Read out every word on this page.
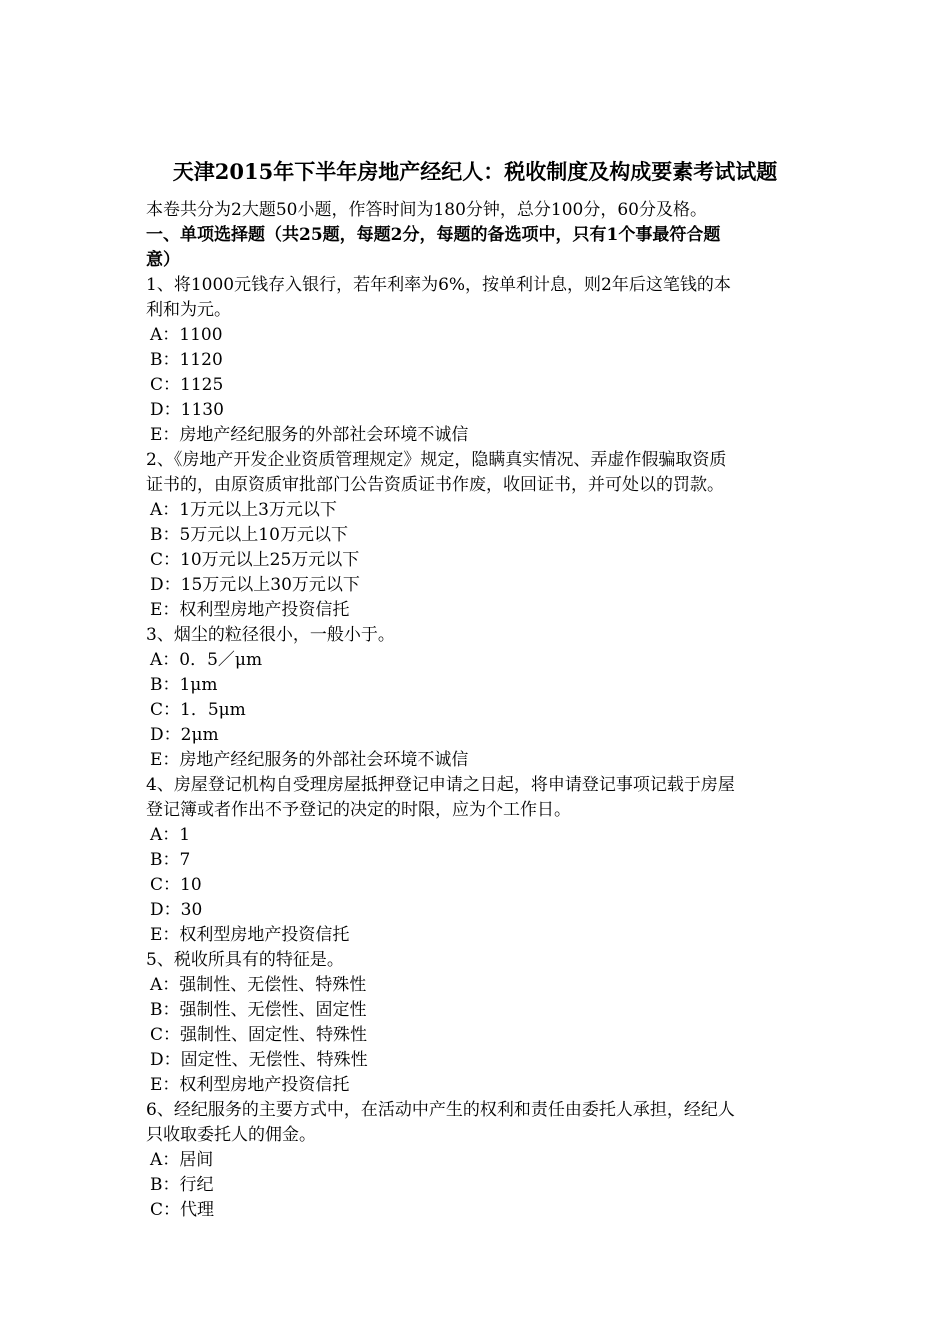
天津2015年下半年房地产经纪人：税收制度及构成要素考试试题
本卷共分为2大题50小题，作答时间为180分钟，总分100分，60分及格。
一、单项选择题（共25题，每题2分，每题的备选项中，只有1个事最符合题
意）
1、将1000元钱存入银行，若年利率为6%，按单利计息，则2年后这笔钱的本
利和为元。
A：1100
B：1120
C：1125
D：1130
E：房地产经纪服务的外部社会环境不诚信
2、《房地产开发企业资质管理规定》规定，隐瞒真实情况、弄虚作假骗取资质
证书的，由原资质审批部门公告资质证书作废，收回证书，并可处以的罚款。
A：1万元以上3万元以下
B：5万元以上10万元以下
C：10万元以上25万元以下
D：15万元以上30万元以下
E：权利型房地产投资信托
3、烟尘的粒径很小，一般小于。
A：0．5／μm
B：1μm
C：1．5μm
D：2μm
E：房地产经纪服务的外部社会环境不诚信
4、房屋登记机构自受理房屋抵押登记申请之日起，将申请登记事项记载于房屋
登记簿或者作出不予登记的决定的时限，应为个工作日。
A：1
B：7
C：10
D：30
E：权利型房地产投资信托
5、税收所具有的特征是。
A：强制性、无偿性、特殊性
B：强制性、无偿性、固定性
C：强制性、固定性、特殊性
D：固定性、无偿性、特殊性
E：权利型房地产投资信托
6、经纪服务的主要方式中，在活动中产生的权利和责任由委托人承担，经纪人
只收取委托人的佣金。
A：居间
B：行纪
C：代理
